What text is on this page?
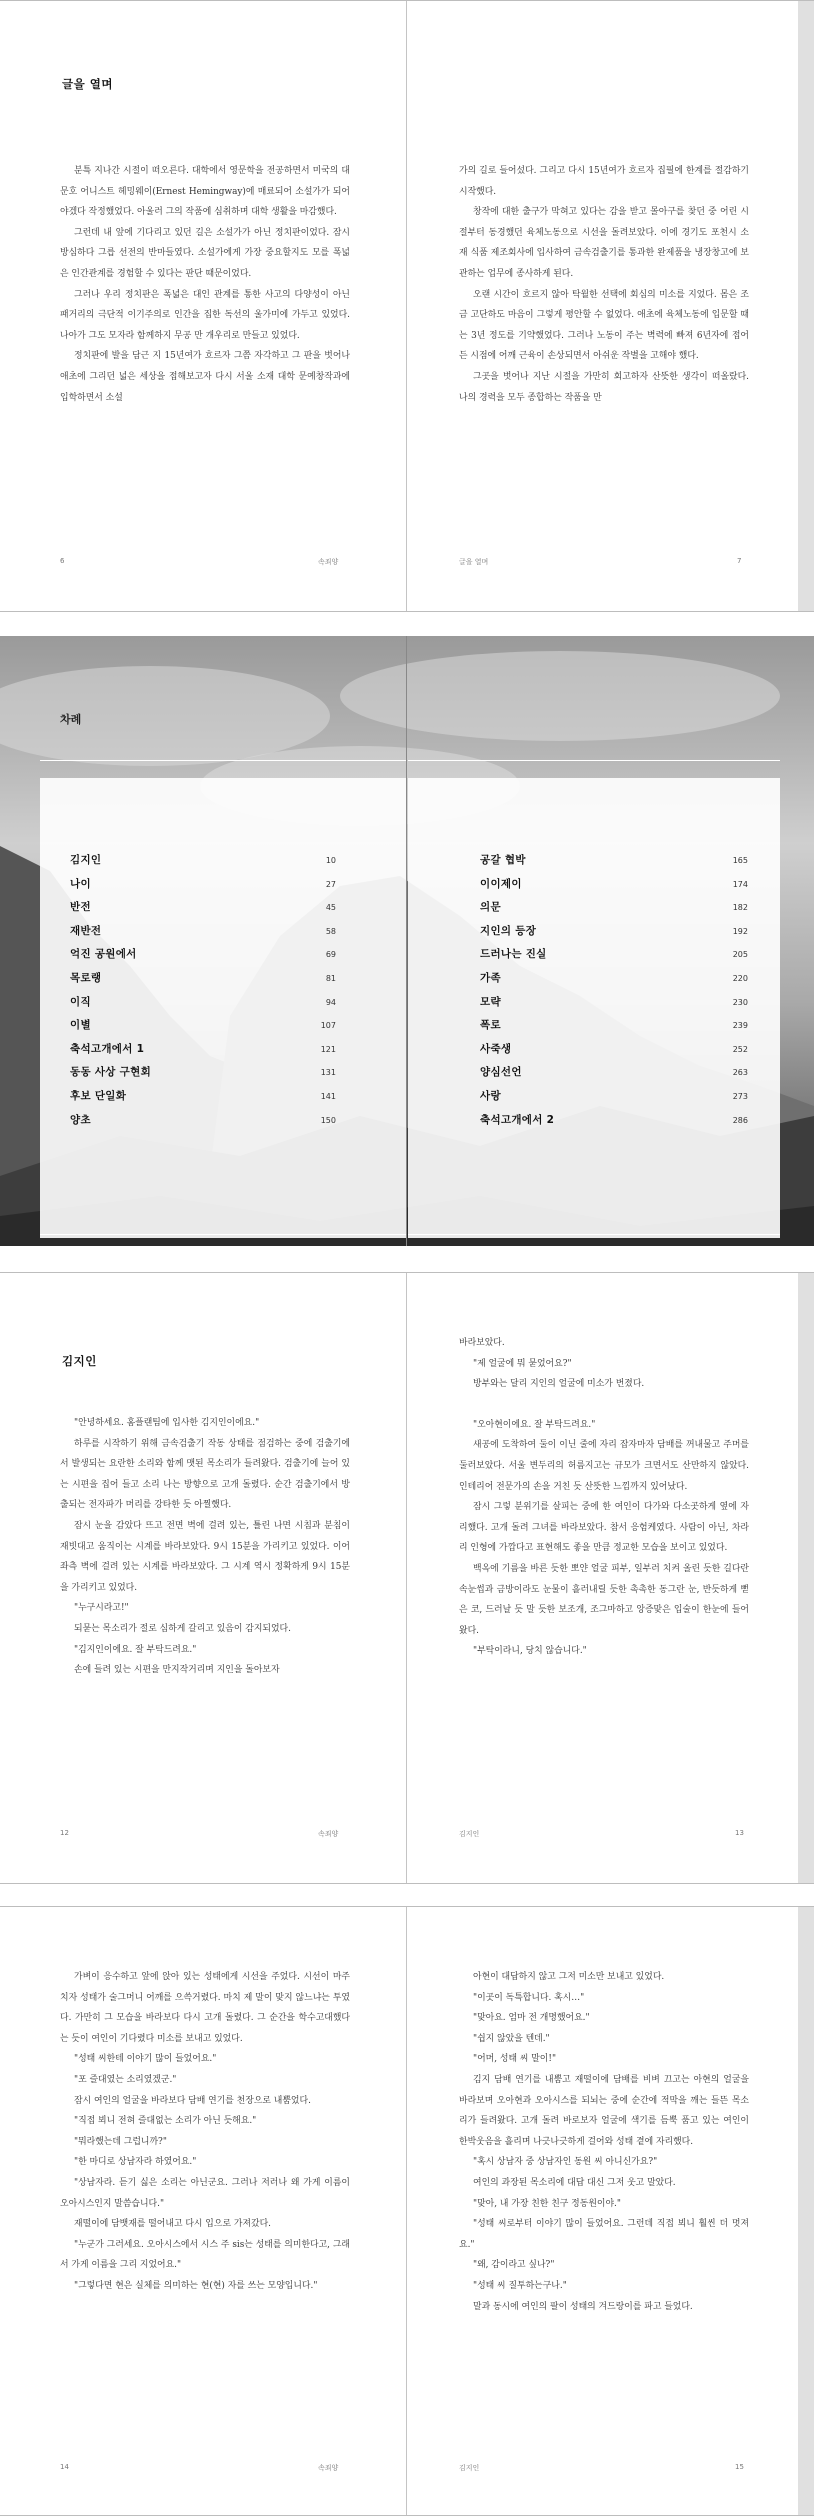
글을 열며

분특 지나간 시절이 떠오른다. 대학에서 영문학을 전공하면서 미국의 대문호 어니스트 헤밍웨이(Ernest Hemingway)에 매료되어 소설가가 되어야겠다 작정했었다. 아울러 그의 작품에 심취하며 대학 생활을 마감했다.

그런데 내 앞에 기다리고 있던 길은 소설가가 아닌 정치판이었다. 잠시 방심하다 그릅 선전의 반마들였다. 소설가에게 가장 중요할지도 모를 폭넓은 인간관계를 경험할 수 있다는 판단 때문이었다.

그러나 우리 정치판은 폭넓은 대인 관계를 통한 사고의 다양성이 아닌 패거리의 극단적 이기주의로 인간을 집한 독선의 울가미에 가두고 있었다. 나아가 그도 모자라 함께하지 무공 만 개우리로 만들고 있었다.

정치판에 발을 담근 지 15년여가 흐르자 그쯤 자각하고 그 판을 벗어나 애초에 그리던 넓은 세상을 접해보고자 다시 서울 소재 대학 문예창작과에 입학하면서 소설

6	속죄양

가의 길로 들어섰다. 그리고 다시 15년여가 흐르자 집필에 한계를 절감하기 시작했다.

창작에 대한 출구가 막혀고 있다는 감을 받고 몰아구를 찾던 중 어린 시절부터 동경했던 육체노동으로 시선을 돌려보았다. 이에 경기도 포천시 소재 식품 제조회사에 입사하여 금속검출기를 통과한 완제품을 냉장창고에 보관하는 업무에 종사하게 된다.

오랜 시간이 흐르지 않아 탁월한 선택에 회심의 미소를 지었다. 몸은 조금 고단하도 마음이 그렇게 평안할 수 없었다. 애초에 육체노동에 입문할 때는 3년 정도를 기약했었다. 그러나 노동이 주는 벽력에 빠져 6년자에 접어든 시점에 어깨 근육이 손상되면서 아쉬운 작별을 고해야 했다.

그곳을 벗어나 지난 시절을 가만히 회고하자 산뜻한 생각이 떠올랐다. 나의 경력을 모두 종합하는 작품을 만

글을 열며	7
차례
김지인	10
나이	27
반전	45
재반전	58
억진 공원에서	69
목로랭	81
이직	94
이별	107
축석고개에서 1	121
동동 사상 구현회	131
후보 단일화	141
양초	150
공갈 협박	165
이이제이	174
의문	182
지인의 등장	192
드러나는 진실	205
가족	220
모략	230
폭로	239
사죽생	252
양심선언	263
사랑	273
축석고개에서 2	286
김지인

"안녕하세요. 홈플랜팀에 입사한 김지인이에요."

하루를 시작하기 위해 금속검출기 작동 상태를 점검하는 중에 검출기에서 발생되는 요란한 소리와 함께 맷된 목소리가 들려왔다. 검출기에 늘어 있는 시편을 집어 들고 소리 나는 방향으로 고개 돌렸다. 순간 검출기에서 방출되는 전자파가 머리를 강타한 듯 아찔했다.

잠시 눈을 감았다 뜨고 전면 벽에 걸려 있는, 틀린 나면 시침과 분침이 재빗대고 움직이는 시계를 바라보았다. 9시 15분을 가리키고 있었다. 이어 좌측 벽에 걸려 있는 시계를 바라보았다. 그 시계 역시 정확하게 9시 15분을 가리키고 있었다.

"누구시라고!"

되묻는 목소리가 절로 심하게 갈리고 있음이 감지되었다.

"김지인이에요. 잘 부탁드려요."

손에 들려 있는 시편을 만지작거리며 지인을 돌아보자

12	속죄양

바라보았다.

"제 얼굴에 뭐 묻었어요?"

방부와는 달리 지인의 얼굴에 미소가 번졌다.

"오아현이에요. 잘 부탁드려요."

새공에 도착하여 둘이 이닌 줄에 자리 잡자마자 담배를 꺼내물고 주머를 둘러보았다. 서울 변두리의 허름지고는 규모가 크면서도 산만하지 않았다. 인테리어 전문가의 손을 거친 듯 산뜻한 느낌까지 있어났다.

잠시 그렇 분위기를 살피는 중에 한 여인이 다가와 다소곳하게 옆에 자리했다. 고개 돌려 그녀를 바라보았다. 참서 응험케였다. 사람이 아닌, 차라리 인형에 가깝다고 표현해도 좋을 만큼 정교한 모습을 보이고 있었다.

백옥에 기름을 바른 듯한 뽀얀 얼굴 피부, 일부러 치켜 올린 듯한 길다란 속눈썹과 금방이라도 눈물이 흘러내릴 듯한 촉촉한 동그란 눈, 반듯하게 뻗은 코, 드러날 듯 말 듯한 보조개, 조그마하고 앙증맞은 입술이 한눈에 들어왔다.

"부탁이라니, 당치 않습니다."

김지인	13

가벼이 응수하고 앞에 앉아 있는 성태에게 시선을 주었다. 시선이 마주치자 성태가 술그머니 어깨를 으쓱거렸다. 마치 제 말이 맞지 않느냐는 투였다. 가만히 그 모습을 바라보다 다시 고개 돌렸다. 그 순간을 학수고대했다는 듯이 여인이 기다렸다 미소를 보내고 있었다.

"성태 씨한테 이야기 많이 들었어요."

"포 즐대였는 소리였겠군."

잠시 여인의 얼굴을 바라보다 담배 연기를 천장으로 내뿜었다.

"직접 뵈니 전혀 즐대없는 소리가 아닌 듯해요."

"뭐라했는데 그럽니까?"

"한 마디로 상남자라 하였어요."

"상남자라. 듣기 싫은 소리는 아닌군요. 그러나 저러나 왜 가게 이름이 오아시스인지 말씀습니다."

재떨이에 담뱃재를 떨어내고 다시 입으로 가져갔다.

"누군가 그러세요. 오아시스에서 시스 주 sis는 성태를 의미한다고, 그래서 가게 이름을 그리 지었어요."

"그렇다면 현은 실체를 의미하는 현(현) 자를 쓰는 모양입니다."

14	속죄양

아현이 대답하지 않고 그저 미소만 보내고 있었다.

"이곳이 독특합니다. 혹시…"

"맞아요. 엄마 전 개명했어요."

"쉽지 않았을 텐데."

"어머, 성태 씨 말이!"

김지 담배 연기를 내뿜고 재떨이에 담배를 비벼 끄고는 아현의 얼굴을 바라보며 오아현과 오아시스를 되뇌는 중에 순간에 적막을 깨는 들뜬 목소리가 들려왔다. 고개 돌려 바로보자 얼굴에 색기를 듬뿍 품고 있는 여인이 한박웃음을 흘리며 나긋나긋하게 걸어와 성태 곁에 자리했다.

"혹시 상남자 중 상남자인 동원 씨 아니신가요?"

여인의 과장된 목소리에 대답 대신 그저 웃고 말았다.

"맞아, 내 가장 친한 친구 정동원이야."

"성태 씨로부터 이야기 많이 들었어요. 그런데 직접 뵈니 훨씬 더 멋져요."

"왜, 감이라고 싶나?"

"성태 씨 질투하는구나."

말과 동시에 여인의 팔이 성태의 겨드랑이를 파고 들었다.

김지인	15
